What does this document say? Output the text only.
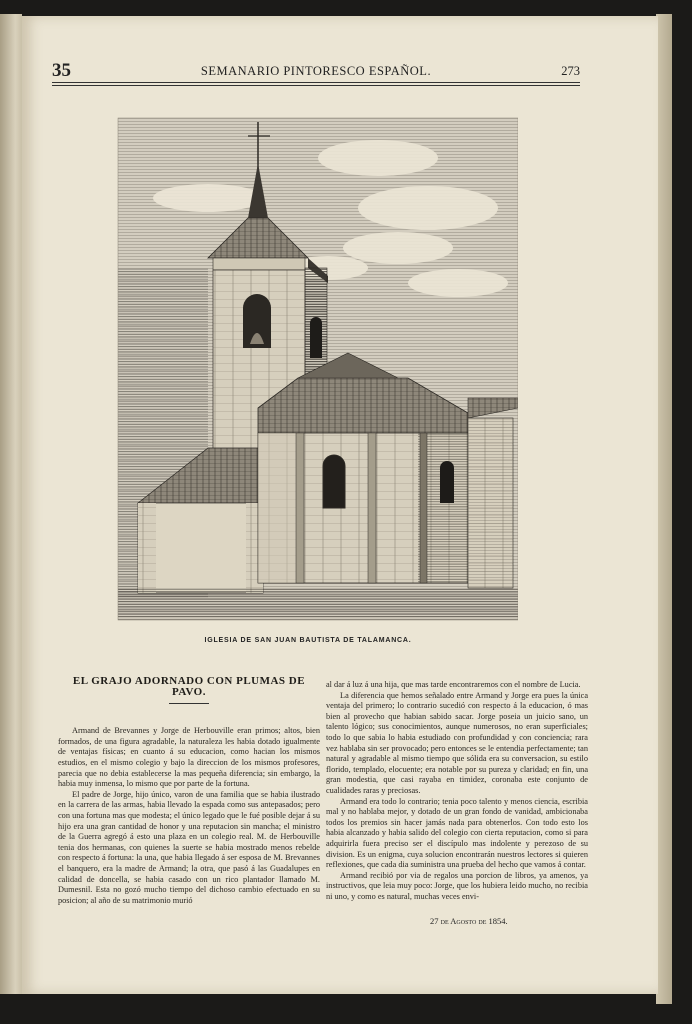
35	SEMANARIO PINTORESCO ESPAÑOL.	273
IGLESIA DE SAN JUAN BAUTISTA DE TALAMANCA.
EL GRAJO ADORNADO CON PLUMAS DE PAVO.

Armand de Brevannes y Jorge de Herbouville eran primos; altos, bien formados, de una figura agradable, la naturaleza les habia dotado igualmente de ventajas físicas; en cuanto á su educacion, como hacian los mismos estudios, en el mismo colegio y bajo la direccion de los mismos profesores, parecia que no debia establecerse la mas pequeña diferencia; sin embargo, la habia muy inmensa, lo mismo que por parte de la fortuna.

El padre de Jorge, hijo único, varon de una familia que se habia ilustrado en la carrera de las armas, habia llevado la espada como sus antepasados; pero con una fortuna mas que modesta; el único legado que le fué posible dejar á su hijo era una gran cantidad de honor y una reputacion sin mancha; el ministro de la Guerra agregó á esto una plaza en un colegio real. M. de Herbouville tenia dos hermanas, con quienes la suerte se habia mostrado menos rebelde con respecto á fortuna: la una, que habia llegado á ser esposa de M. Brevannes el banquero, era la madre de Armand; la otra, que pasó á las Guadalupes en calidad de doncella, se habia casado con un rico plantador llamado M. Dumesnil. Esta no gozó mucho tiempo del dichoso cambio efectuado en su posicion; al año de su matrimonio murió

al dar á luz á una hija, que mas tarde encontraremos con el nombre de Lucia.

La diferencia que hemos señalado entre Armand y Jorge era pues la única ventaja del primero; lo contrario sucedió con respecto á la educacion, ó mas bien al provecho que habian sabido sacar. Jorge poseia un juicio sano, un talento lógico; sus conocimientos, aunque numerosos, no eran superficiales; todo lo que sabia lo habia estudiado con profundidad y con conciencia; rara vez hablaba sin ser provocado; pero entonces se le entendia perfectamente; tan natural y agradable al mismo tiempo que sólida era su conversacion, su estilo florido, templado, elocuente; era notable por su pureza y claridad; en fin, una gran modestia, que casi rayaba en timidez, coronaba este conjunto de cualidades raras y preciosas.

Armand era todo lo contrario; tenia poco talento y menos ciencia, escribia mal y no hablaba mejor, y dotado de un gran fondo de vanidad, ambicionaba todos los premios sin hacer jamás nada para obtenerlos. Con todo esto los habia alcanzado y habia salido del colegio con cierta reputacion, como si para adquirirla fuera preciso ser el discípulo mas indolente y perezoso de su division. Es un enigma, cuya solucion encontrarán nuestros lectores si quieren reflexiones, que cada dia suministra una prueba del hecho que vamos á contar.

Armand recibió por via de regalos una porcion de libros, ya amenos, ya instructivos, que leia muy poco: Jorge, que los hubiera leido mucho, no recibia ni uno, y como es natural, muchas veces envi-

27 de Agosto de 1854.
